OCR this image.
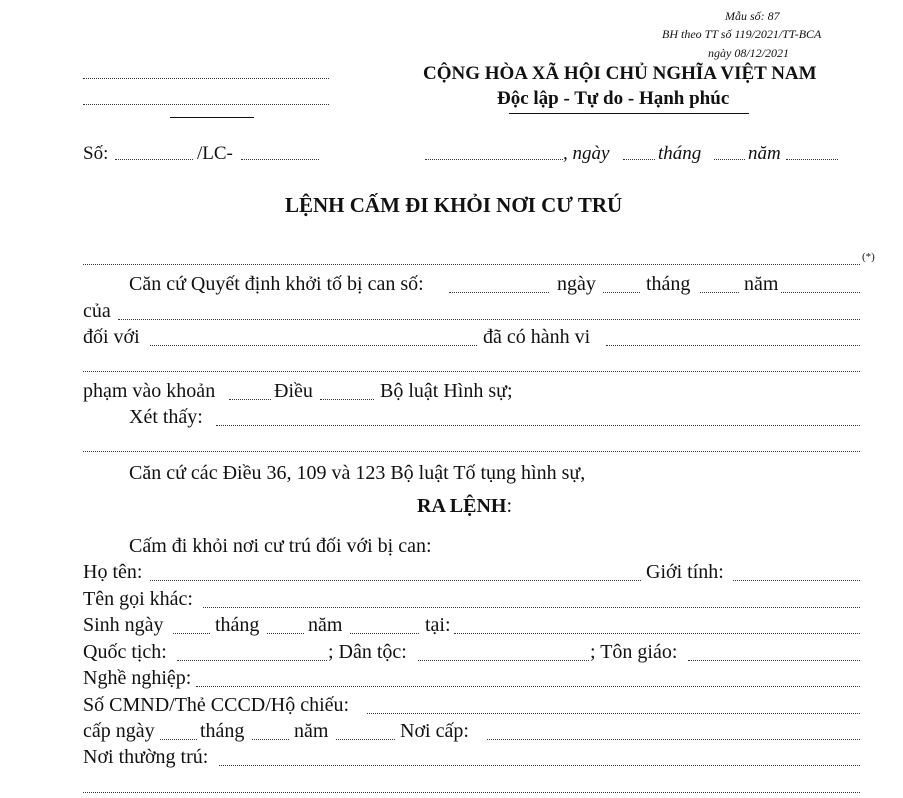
Mẫu số: 87
BH theo TT số 119/2021/TT-BCA
ngày 08/12/2021
CỘNG HÒA XÃ HỘI CHỦ NGHĨA VIỆT NAM
Độc lập - Tự do - Hạnh phúc
Số:	/LC-	, ngày	tháng năm
LỆNH CẤM ĐI KHỎI NƠI CƯ TRÚ
(*)
Căn cứ Quyết định khởi tố bị can số:	ngày	tháng	năm
của
đối với	đã có hành vi
phạm vào khoản	Điều	Bộ luật Hình sự;
Xét thấy:
Căn cứ các Điều 36, 109 và 123 Bộ luật Tố tụng hình sự,
RA LỆNH:
Cấm đi khỏi nơi cư trú đối với bị can:
Họ tên:	Giới tính:
Tên gọi khác:
Sinh ngày	tháng năm	tại:
Quốc tịch:	; Dân tộc:	; Tôn giáo:
Nghề nghiệp:
Số CMND/Thẻ CCCD/Hộ chiếu:
cấp ngày tháng năm	Nơi cấp:
Nơi thường trú:
